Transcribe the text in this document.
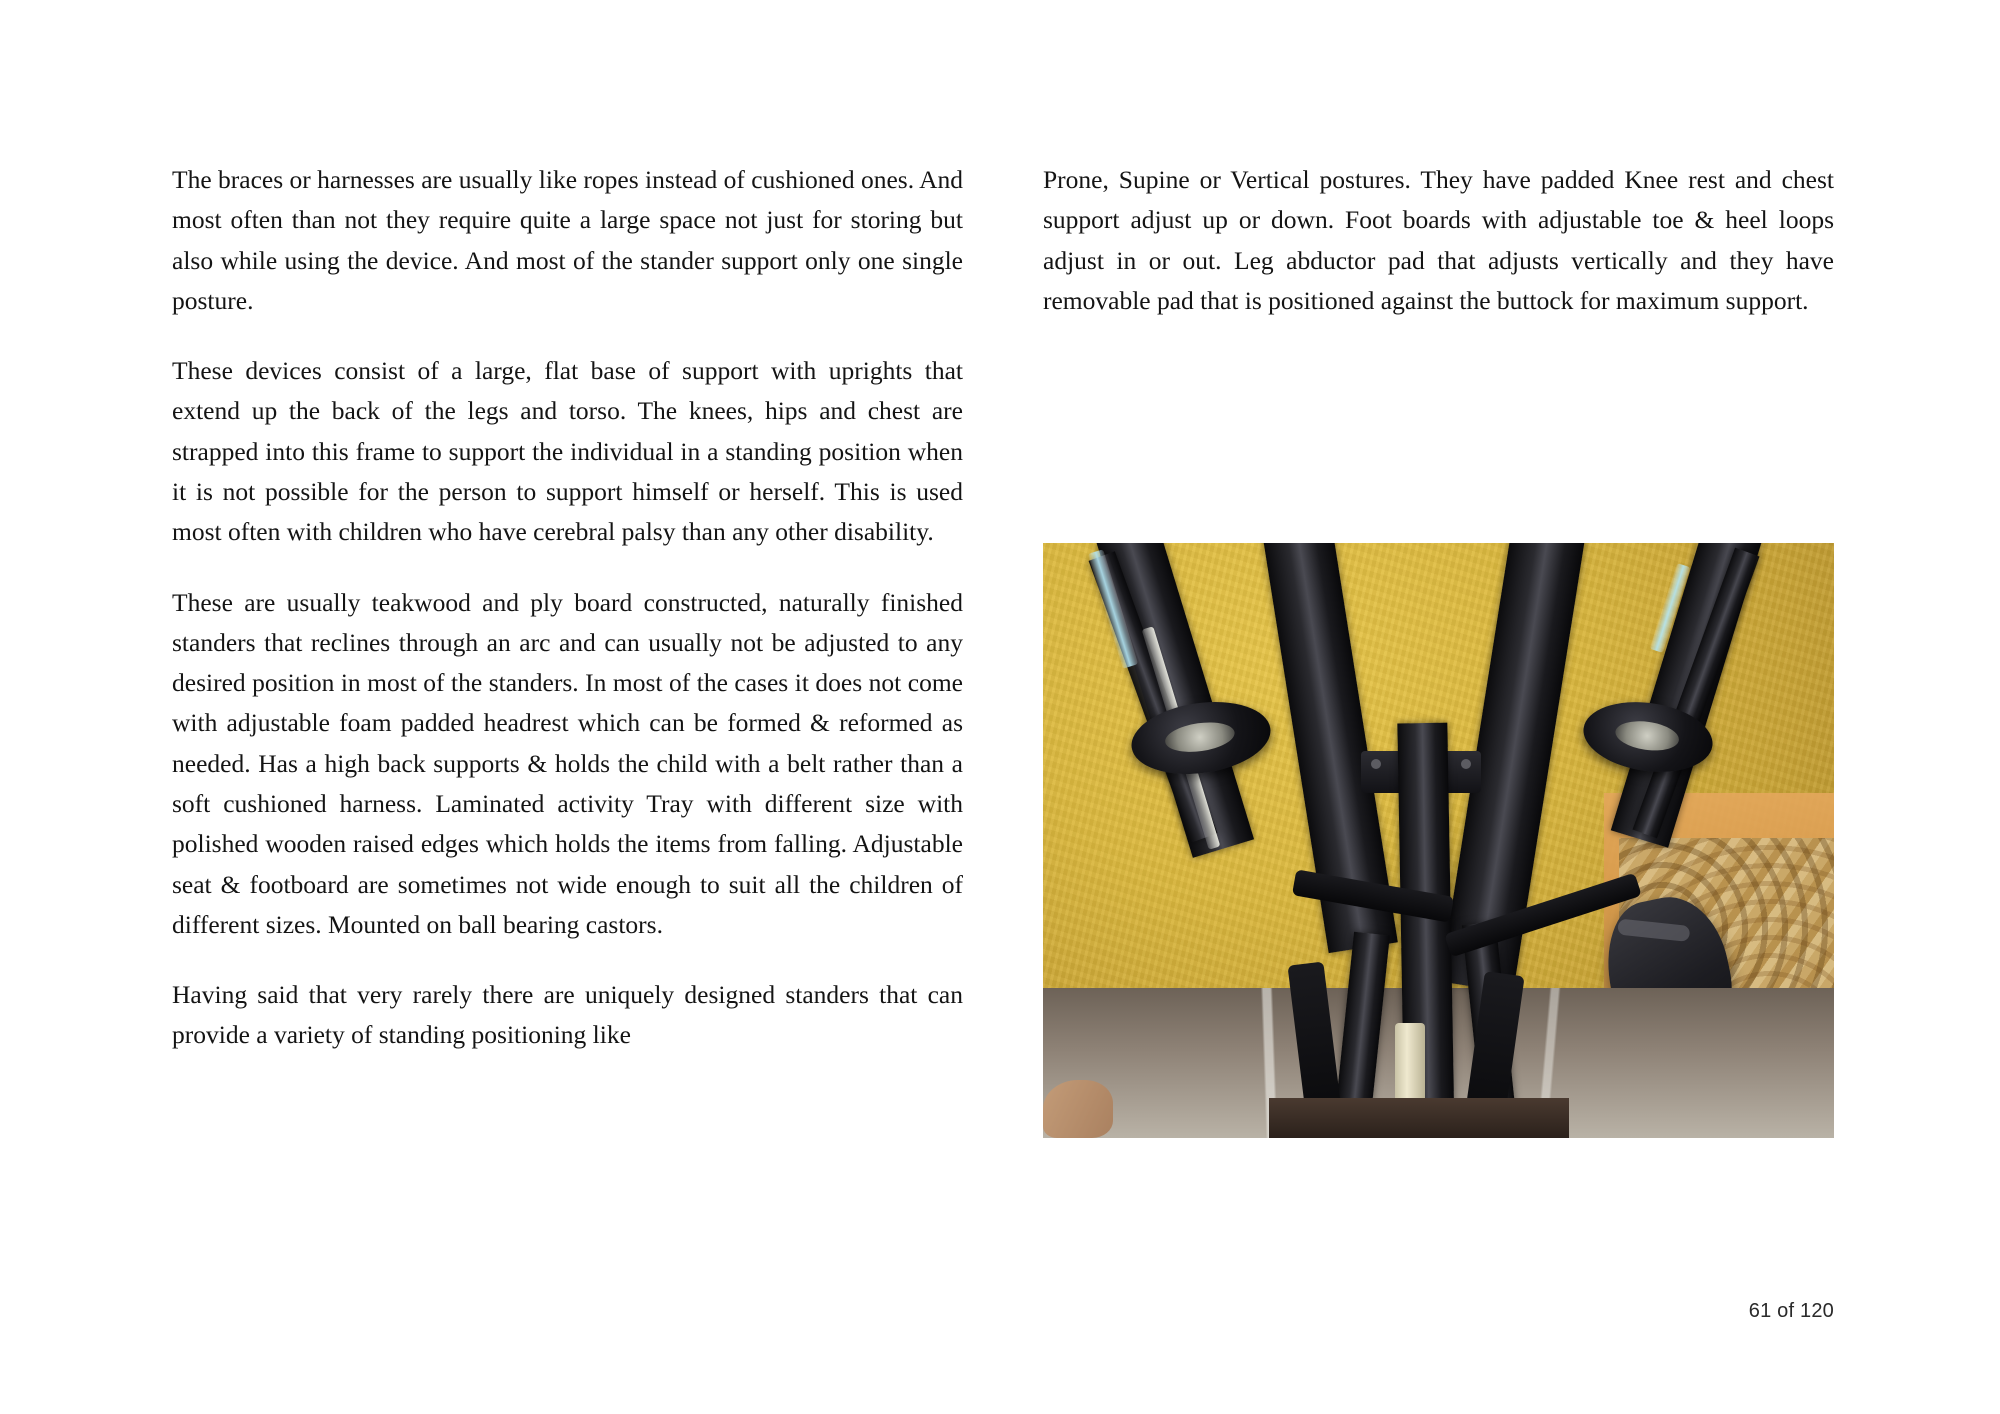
The braces or harnesses are usually like ropes instead of cushioned ones. And most often than not they require quite a large space not just for storing but also while using the device. And most of the stander support only one single posture.

These devices consist of a large, flat base of support with uprights that extend up the back of the legs and torso. The knees, hips and chest are strapped into this frame to support the individual in a standing position when it is not possible for the person to support himself or herself. This is used most often with children who have cerebral palsy than any other disability.

These are usually teakwood and ply board constructed, naturally finished standers that reclines through an arc and can usually not be adjusted to any desired position in most of the standers. In most of the cases it does not come with adjustable foam padded headrest which can be formed & reformed as needed. Has a high back supports & holds the child with a belt rather than a soft cushioned harness. Laminated activity Tray with different size with polished wooden raised edges which holds the items from falling. Adjustable seat & footboard are sometimes not wide enough to suit all the children of different sizes. Mounted on ball bearing castors.

Having said that very rarely there are uniquely designed standers that can provide a variety of standing positioning like

Prone, Supine or Vertical postures. They have padded Knee rest and chest support adjust up or down. Foot boards with adjustable toe & heel loops adjust in or out. Leg abductor pad that adjusts vertically and they have removable pad that is positioned against the buttock for maximum support.

61 of 120
